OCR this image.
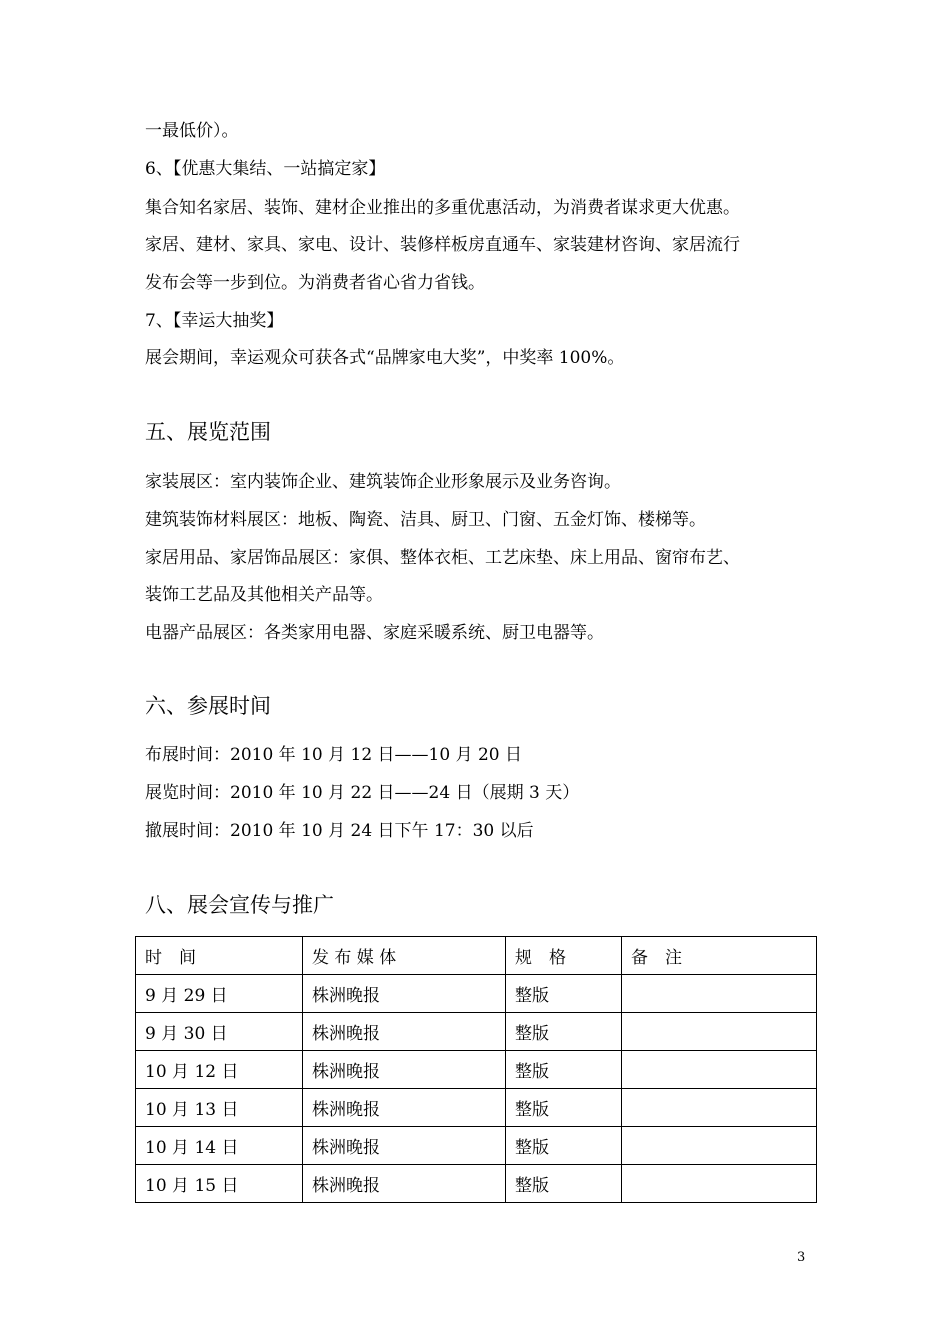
一最低价）。
6、【优惠大集结、一站搞定家】
集合知名家居、装饰、建材企业推出的多重优惠活动，为消费者谋求更大优惠。
家居、建材、家具、家电、设计、装修样板房直通车、家装建材咨询、家居流行
发布会等一步到位。为消费者省心省力省钱。
7、【幸运大抽奖】
展会期间，幸运观众可获各式“品牌家电大奖”，中奖率 100%。
五、展览范围
家装展区：室内装饰企业、建筑装饰企业形象展示及业务咨询。
建筑装饰材料展区：地板、陶瓷、洁具、厨卫、门窗、五金灯饰、楼梯等。
家居用品、家居饰品展区：家俱、整体衣柜、工艺床垫、床上用品、窗帘布艺、
装饰工艺品及其他相关产品等。
电器产品展区：各类家用电器、家庭采暖系统、厨卫电器等。
六、参展时间
布展时间：2010 年 10 月 12 日——10 月 20 日
展览时间：2010 年 10 月 22 日——24 日（展期 3 天）
撤展时间：2010 年 10 月 24 日下午 17：30 以后
八、展会宣传与推广
时　间	发 布 媒 体	规　格	备　注
9 月 29 日	株洲晚报	整版	
9 月 30 日	株洲晚报	整版	
10 月 12 日	株洲晚报	整版	
10 月 13 日	株洲晚报	整版	
10 月 14 日	株洲晚报	整版	
10 月 15 日	株洲晚报	整版	
3
